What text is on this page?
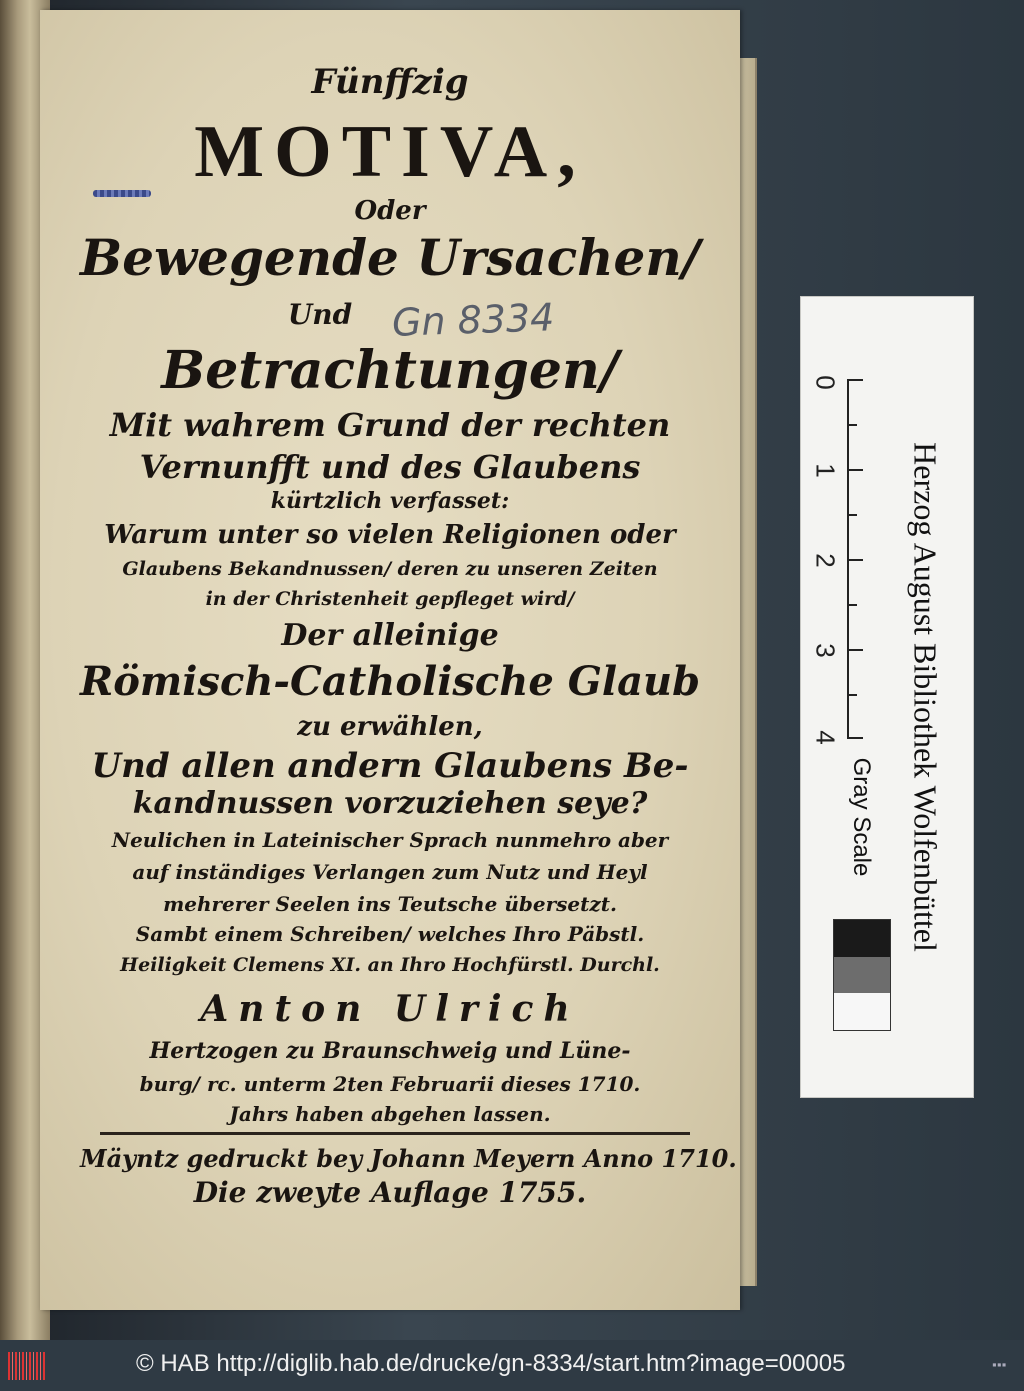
Fünffzig
MOTIVA,
Oder
Bewegende Ursachen/
Und	Gn 8334
Betrachtungen/
Mit wahrem Grund der rechten
Vernunfft und des Glaubens
kürtzlich verfasset:
Warum unter so vielen Religionen oder
Glaubens Bekandnussen/ deren zu unseren Zeiten
in der Christenheit gepfleget wird/
Der alleinige
Römisch-Catholische Glaub
zu erwählen,
Und allen andern Glaubens Be-
kandnussen vorzuziehen seye?
Neulichen in Lateinischer Sprach nunmehro aber
auf inständiges Verlangen zum Nutz und Heyl
mehrerer Seelen ins Teutsche übersetzt.
Sambt einem Schreiben/ welches Ihro Päbstl.
Heiligkeit Clemens XI. an Ihro Hochfürstl. Durchl.
Anton Ulrich
Hertzogen zu Braunschweig und Lüne-
burg/ rc. unterm 2ten Februarii dieses 1710.
Jahrs haben abgehen lassen.
Mäyntz gedruckt bey Johann Meyern Anno 1710.
Die zweyte Auflage 1755.
0
1
2
3
4 Herzog August Bibliothek Wolfenbüttel
Gray Scale
© HAB http://diglib.hab.de/drucke/gn-8334/start.htm?image=00005	▪▪▪
